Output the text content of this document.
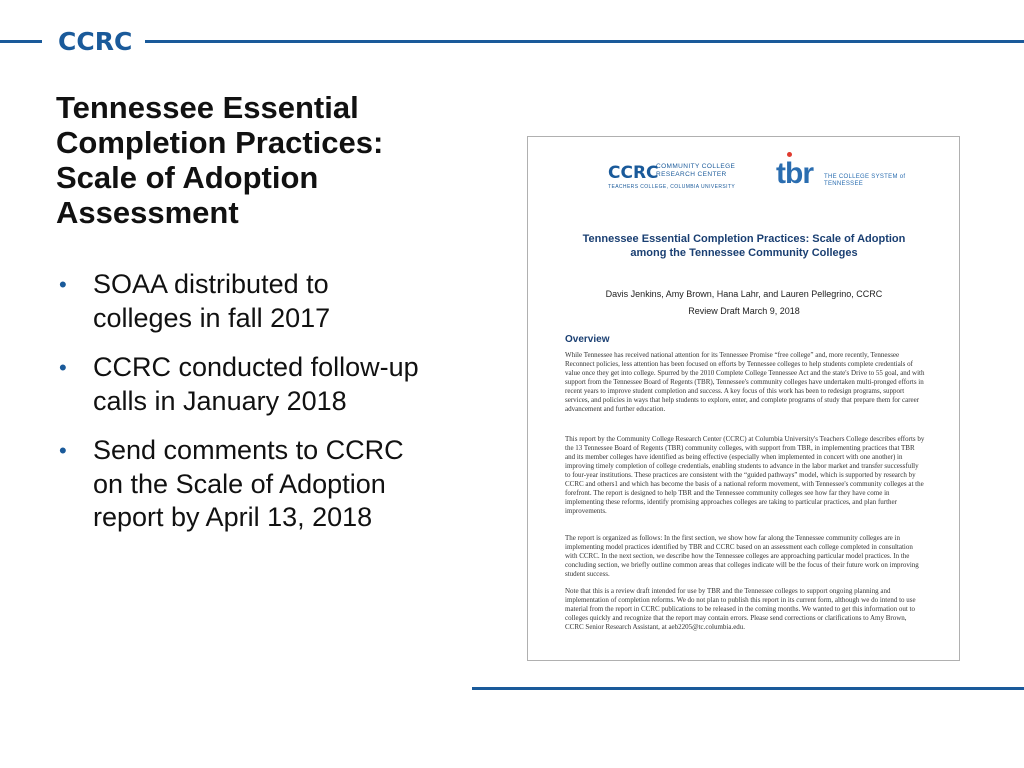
CCRC
Tennessee Essential Completion Practices: Scale of Adoption Assessment
• SOAA distributed to colleges in fall 2017
• CCRC conducted follow-up calls in January 2018
• Send comments to CCRC on the Scale of Adoption report by April 13, 2018
CCRC
COMMUNITY COLLEGE RESEARCH CENTER
TEACHERS COLLEGE, COLUMBIA UNIVERSITY tbr THE COLLEGE SYSTEM of TENNESSEE
Tennessee Essential Completion Practices: Scale of Adoption among the Tennessee Community Colleges
Davis Jenkins, Amy Brown, Hana Lahr, and Lauren Pellegrino, CCRC
Review Draft March 9, 2018
Overview

While Tennessee has received national attention for its Tennessee Promise “free college” and, more recently, Tennessee Reconnect policies, less attention has been focused on efforts by Tennessee colleges to help students complete credentials of value once they get into college. Spurred by the 2010 Complete College Tennessee Act and the state's Drive to 55 goal, and with support from the Tennessee Board of Regents (TBR), Tennessee's community colleges have undertaken multi-pronged efforts in recent years to improve student completion and success. A key focus of this work has been to redesign programs, support services, and policies in ways that help students to explore, enter, and complete programs of study that prepare them for career advancement and further education.

This report by the Community College Research Center (CCRC) at Columbia University's Teachers College describes efforts by the 13 Tennessee Board of Regents (TBR) community colleges, with support from TBR, in implementing practices that TBR and its member colleges have identified as being effective (especially when implemented in concert with one another) in improving timely completion of college credentials, enabling students to advance in the labor market and transfer successfully to four-year institutions. These practices are consistent with the “guided pathways” model, which is supported by research by CCRC and others1 and which has become the basis of a national reform movement, with Tennessee's community colleges at the forefront. The report is designed to help TBR and the Tennessee community colleges see how far they have come in implementing these reforms, identify promising approaches colleges are taking to particular practices, and plan further improvements.

The report is organized as follows: In the first section, we show how far along the Tennessee community colleges are in implementing model practices identified by TBR and CCRC based on an assessment each college completed in consultation with CCRC. In the next section, we describe how the Tennessee colleges are approaching particular model practices. In the concluding section, we briefly outline common areas that colleges indicate will be the focus of their future work on improving student success.

Note that this is a review draft intended for use by TBR and the Tennessee colleges to support ongoing planning and implementation of completion reforms. We do not plan to publish this report in its current form, although we do intend to use material from the report in CCRC publications to be released in the coming months. We wanted to get this information out to colleges quickly and recognize that the report may contain errors. Please send corrections or clarifications to Amy Brown, CCRC Senior Research Assistant, at aeb2205@tc.columbia.edu.
